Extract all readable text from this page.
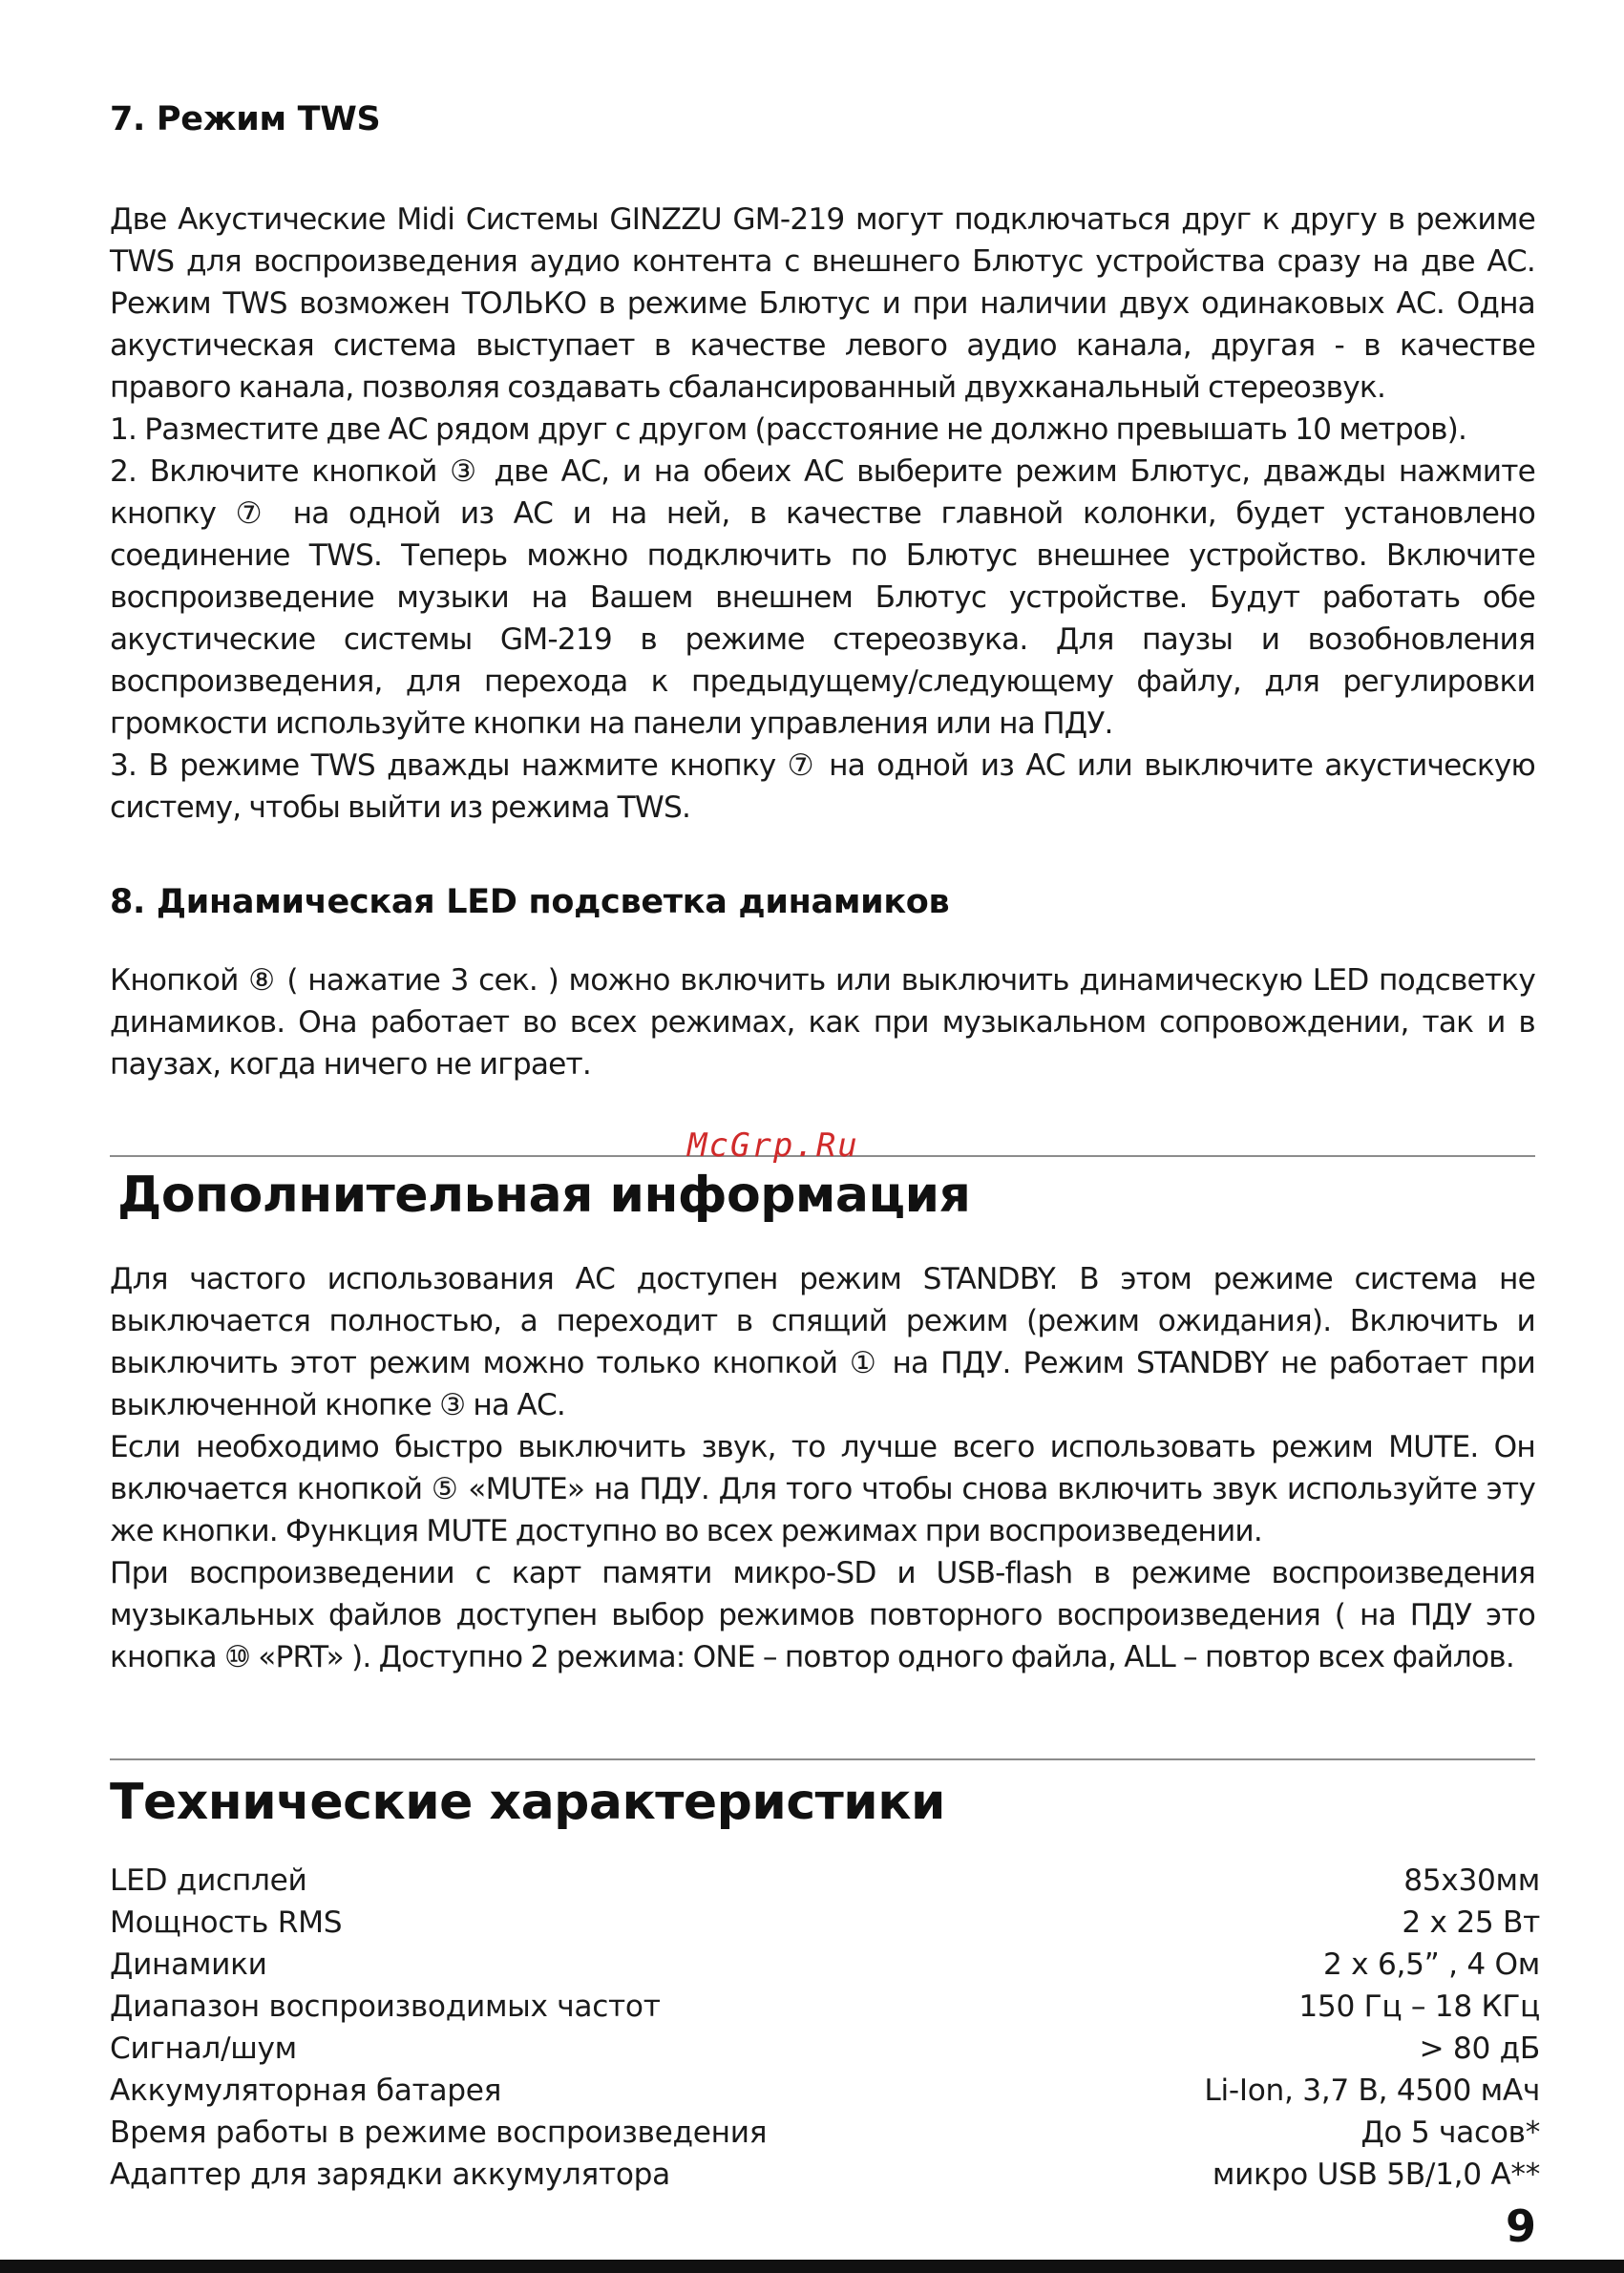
7. Режим TWS

Две Акустические Midi Системы GINZZU GM-219 могут подключаться друг к другу в режиме TWS для воспроизведения аудио контента с внешнего Блютус устройства сразу на две АС. Режим TWS возможен ТОЛЬКО в режиме Блютус и при наличии двух одинаковых АС. Одна акустическая система выступает в качестве левого аудио канала, другая - в качестве правого канала, позволяя создавать сбалансированный двухканальный стереозвук.

1. Разместите две АС рядом друг с другом (расстояние не должно превышать 10 метров).

2. Включите кнопкой ③ две АС, и на обеих АС выберите режим Блютус, дважды нажмите кнопку ⑦ на одной из АС и на ней, в качестве главной колонки, будет установлено соединение TWS. Теперь можно подключить по Блютус внешнее устройство. Включите воспроизведение музыки на Вашем внешнем Блютус устройстве. Будут работать обе акустические системы GM-219 в режиме стереозвука. Для паузы и возобновления воспроизведения, для перехода к предыдущему/следующему файлу, для регулировки громкости используйте кнопки на панели управления или на ПДУ.

3. В режиме TWS дважды нажмите кнопку ⑦ на одной из АС или выключите акустическую систему, чтобы выйти из режима TWS.

8. Динамическая LED подсветка динамиков

Кнопкой ⑧ ( нажатие 3 сек. ) можно включить или выключить динамическую LED подсветку динамиков. Она работает во всех режимах, как при музыкальном сопровождении, так и в паузах, когда ничего не играет.

McGrp.Ru
Дополнительная информация

Для частого использования АС доступен режим STANDBY. В этом режиме система не выключается полностью, а переходит в спящий режим (режим ожидания). Включить и выключить этот режим можно только кнопкой ① на ПДУ. Режим STANDBY не работает при выключенной кнопке ③ на АС.

Если необходимо быстро выключить звук, то лучше всего использовать режим MUTE. Он включается кнопкой ⑤ «MUTE» на ПДУ. Для того чтобы снова включить звук используйте эту же кнопки. Функция MUTE доступно во всех режимах при воспроизведении.

При воспроизведении с карт памяти микро-SD и USB-flash в режиме воспроизведения музыкальных файлов доступен выбор режимов повторного воспроизведения ( на ПДУ это кнопка ⑩ «PRT» ). Доступно 2 режима: ONE – повтор одного файла, ALL – повтор всех файлов.

Технические характеристики
LED дисплей	85x30мм
Мощность RMS	2 x 25 Вт
Динамики	2 x 6,5” , 4 Ом
Диапазон воспроизводимых частот	150 Гц – 18 КГц
Сигнал/шум	> 80 дБ
Аккумуляторная батарея	Li-Ion, 3,7 В, 4500 мАч
Время работы в режиме воспроизведения	До 5 часов*
Адаптер для зарядки аккумулятора	микро USB 5В/1,0 А**
9
